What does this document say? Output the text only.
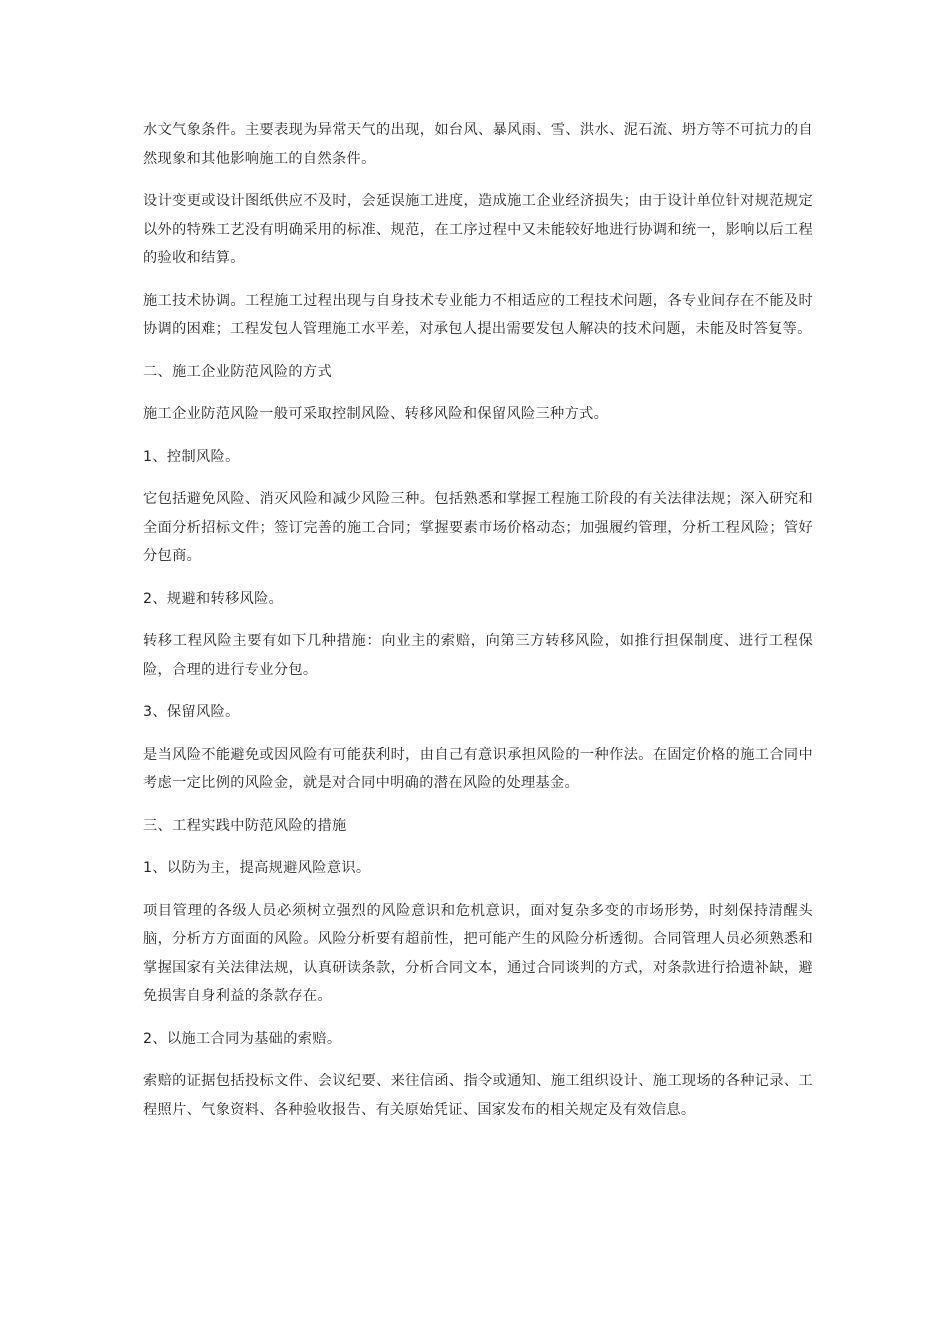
水文气象条件。主要表现为异常天气的出现，如台风、暴风雨、雪、洪水、泥石流、坍方等不可抗力的自然现象和其他影响施工的自然条件。

设计变更或设计图纸供应不及时，会延误施工进度，造成施工企业经济损失；由于设计单位针对规范规定以外的特殊工艺没有明确采用的标准、规范，在工序过程中又未能较好地进行协调和统一，影响以后工程的验收和结算。

施工技术协调。工程施工过程出现与自身技术专业能力不相适应的工程技术问题，各专业间存在不能及时协调的困难；工程发包人管理施工水平差，对承包人提出需要发包人解决的技术问题，未能及时答复等。

二、施工企业防范风险的方式

施工企业防范风险一般可采取控制风险、转移风险和保留风险三种方式。

1、控制风险。

它包括避免风险、消灭风险和减少风险三种。包括熟悉和掌握工程施工阶段的有关法律法规；深入研究和全面分析招标文件；签订完善的施工合同；掌握要素市场价格动态；加强履约管理，分析工程风险；管好分包商。

2、规避和转移风险。

转移工程风险主要有如下几种措施：向业主的索赔，向第三方转移风险，如推行担保制度、进行工程保险，合理的进行专业分包。

3、保留风险。

是当风险不能避免或因风险有可能获利时，由自己有意识承担风险的一种作法。在固定价格的施工合同中考虑一定比例的风险金，就是对合同中明确的潜在风险的处理基金。

三、工程实践中防范风险的措施

1、以防为主，提高规避风险意识。

项目管理的各级人员必须树立强烈的风险意识和危机意识，面对复杂多变的市场形势，时刻保持清醒头脑，分析方方面面的风险。风险分析要有超前性，把可能产生的风险分析透彻。合同管理人员必须熟悉和掌握国家有关法律法规，认真研读条款，分析合同文本，通过合同谈判的方式，对条款进行拾遗补缺，避免损害自身利益的条款存在。

2、以施工合同为基础的索赔。

索赔的证据包括投标文件、会议纪要、来往信函、指令或通知、施工组织设计、施工现场的各种记录、工程照片、气象资料、各种验收报告、有关原始凭证、国家发布的相关规定及有效信息。
